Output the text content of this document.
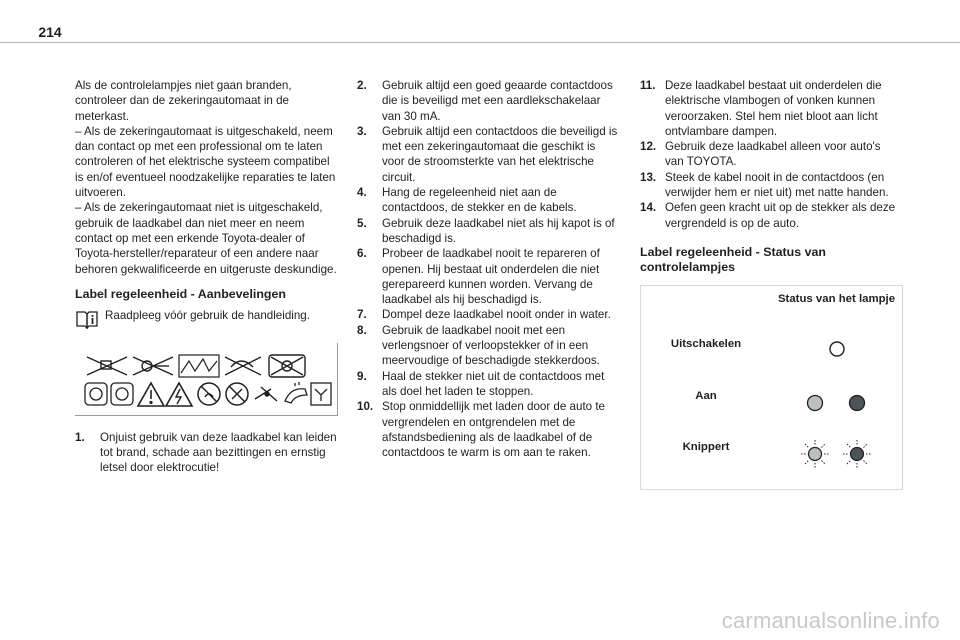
214

Als de controlelampjes niet gaan branden,

controleer dan de zekeringautomaat in de

meterkast.

– Als de zekeringautomaat is uitgeschakeld, neem

dan contact op met een professional om te laten

controleren of het elektrische systeem compatibel

is en/of eventueel noodzakelijke reparaties te laten

uitvoeren.

– Als de zekeringautomaat niet is uitgeschakeld,

gebruik de laadkabel dan niet meer en neem

contact op met een erkende Toyota-dealer of

Toyota-hersteller/reparateur of een andere naar

behoren gekwalificeerde en uitgeruste deskundige.

Label regeleenheid - Aanbevelingen

Raadpleeg vóór gebruik de handleiding.

1.	Onjuist gebruik van deze laadkabel kan leiden tot brand, schade aan bezittingen en ernstig letsel door elektrocutie!
2.	Gebruik altijd een goed geaarde contactdoos die is beveiligd met een aardlekschakelaar van 30 mA.
3.	Gebruik altijd een contactdoos die beveiligd is met een zekeringautomaat die geschikt is voor de stroomsterkte van het elektrische circuit.
4.	Hang de regeleenheid niet aan de contactdoos, de stekker en de kabels.
5.	Gebruik deze laadkabel niet als hij kapot is of beschadigd is.
6.	Probeer de laadkabel nooit te repareren of openen. Hij bestaat uit onderdelen die niet gerepareerd kunnen worden. Vervang de laadkabel als hij beschadigd is.
7.	Dompel deze laadkabel nooit onder in water.
8.	Gebruik de laadkabel nooit met een verlengsnoer of verloopstekker of in een meervoudige of beschadigde stekkerdoos.
9.	Haal de stekker niet uit de contactdoos met als doel het laden te stoppen.
10. Stop onmiddellijk met laden door de auto te vergrendelen en ontgrendelen met de afstandsbediening als de laadkabel of de contactdoos te warm is om aan te raken.
11. Deze laadkabel bestaat uit onderdelen die elektrische vlambogen of vonken kunnen veroorzaken. Stel hem niet bloot aan licht ontvlambare dampen.
12. Gebruik deze laadkabel alleen voor auto's van TOYOTA.
13. Steek de kabel nooit in de contactdoos (en verwijder hem er niet uit) met natte handen.
14. Oefen geen kracht uit op de stekker als deze vergrendeld is op de auto.
Label regeleenheid - Status van controlelampjes
	Status van het lampje
Uitschakelen	
Aan	
Knippert	
carmanualsonline.info
